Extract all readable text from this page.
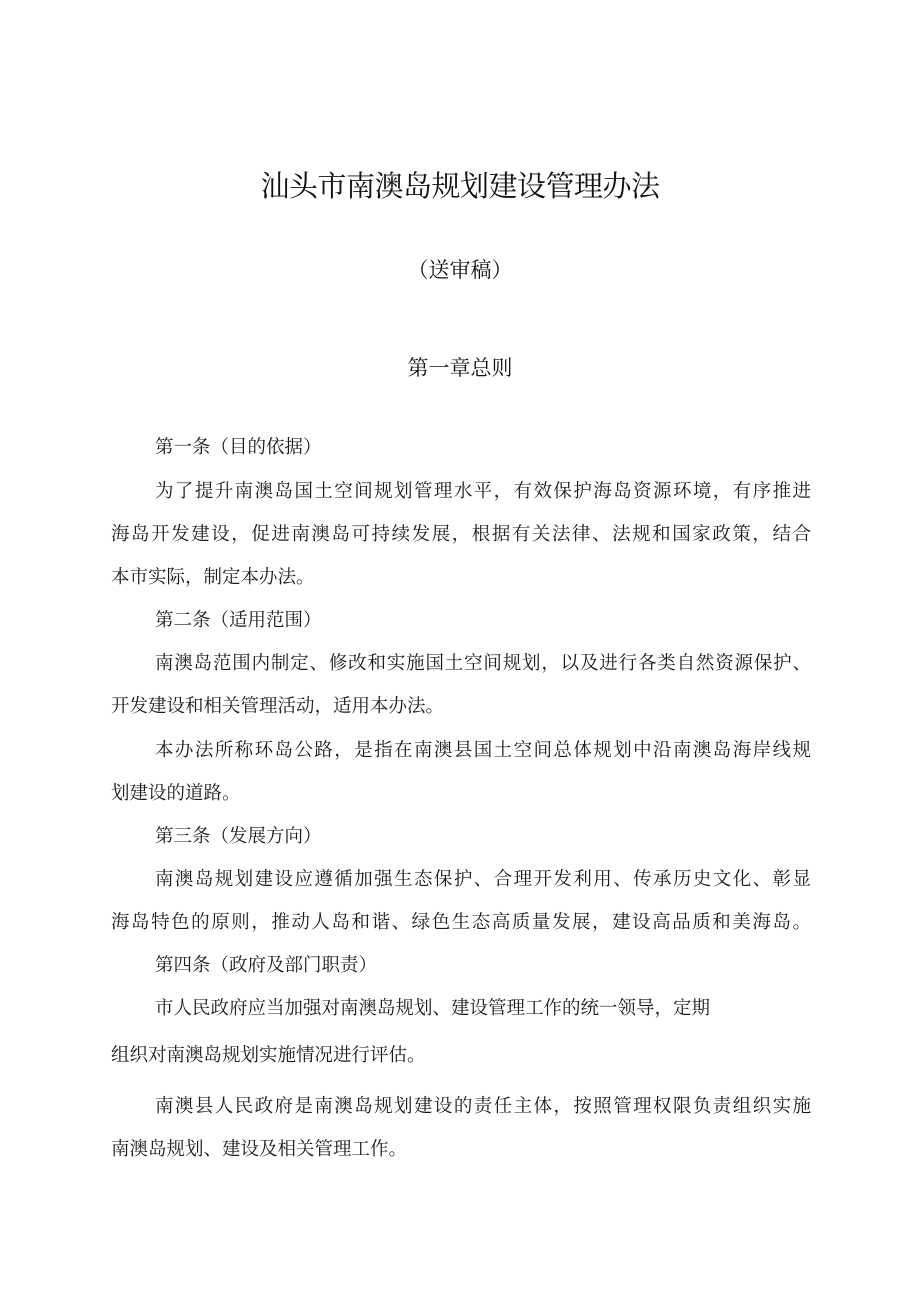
汕头市南澳岛规划建设管理办法
（送审稿）
第一章总则
第一条（目的依据）
为了提升南澳岛国土空间规划管理水平，有效保护海岛资源环境，有序推进
海岛开发建设，促进南澳岛可持续发展，根据有关法律、法规和国家政策，结合
本市实际，制定本办法。
第二条（适用范围）
南澳岛范围内制定、修改和实施国土空间规划，以及进行各类自然资源保护、
开发建设和相关管理活动，适用本办法。
本办法所称环岛公路，是指在南澳县国土空间总体规划中沿南澳岛海岸线规
划建设的道路。
第三条（发展方向）
南澳岛规划建设应遵循加强生态保护、合理开发利用、传承历史文化、彰显
海岛特色的原则，推动人岛和谐、绿色生态高质量发展，建设高品质和美海岛。
第四条（政府及部门职责）
市人民政府应当加强对南澳岛规划、建设管理工作的统一领导，定期
组织对南澳岛规划实施情况进行评估。
南澳县人民政府是南澳岛规划建设的责任主体，按照管理权限负责组织实施
南澳岛规划、建设及相关管理工作。
